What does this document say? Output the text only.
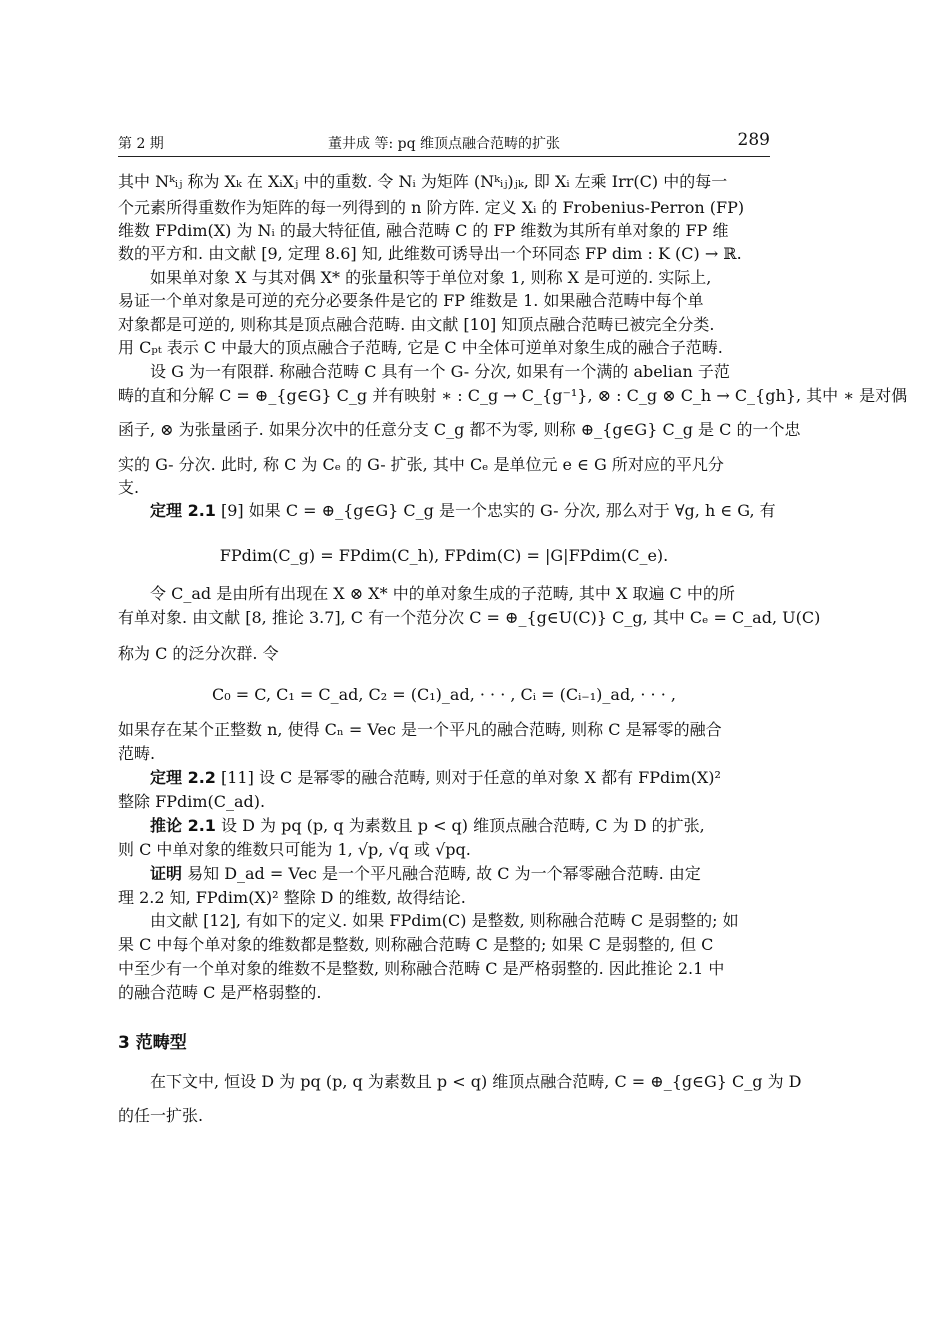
第 2 期	董井成 等: pq 维顶点融合范畴的扩张	289
其中 Nᵏᵢⱼ 称为 Xₖ 在 XᵢXⱼ 中的重数. 令 Nᵢ 为矩阵 (Nᵏᵢⱼ)ⱼₖ, 即 Xᵢ 左乘 Irr(C) 中的每一
个元素所得重数作为矩阵的每一列得到的 n 阶方阵. 定义 Xᵢ 的 Frobenius-Perron (FP)
维数 FPdim(X) 为 Nᵢ 的最大特征值, 融合范畴 C 的 FP 维数为其所有单对象的 FP 维
数的平方和. 由文献 [9, 定理 8.6] 知, 此维数可诱导出一个环同态 FP dim : K (C) → ℝ.
如果单对象 X 与其对偶 X* 的张量积等于单位对象 1, 则称 X 是可逆的. 实际上,
易证一个单对象是可逆的充分必要条件是它的 FP 维数是 1. 如果融合范畴中每个单
对象都是可逆的, 则称其是顶点融合范畴. 由文献 [10] 知顶点融合范畴已被完全分类.
用 Cₚₜ 表示 C 中最大的顶点融合子范畴, 它是 C 中全体可逆单对象生成的融合子范畴.
设 G 为一有限群. 称融合范畴 C 具有一个 G- 分次, 如果有一个满的 abelian 子范
畴的直和分解 C = ⊕_{g∈G} C_g 并有映射 ∗ : C_g → C_{g⁻¹}, ⊗ : C_g ⊗ C_h → C_{gh}, 其中 ∗ 是对偶
函子, ⊗ 为张量函子. 如果分次中的任意分支 C_g 都不为零, 则称 ⊕_{g∈G} C_g 是 C 的一个忠
实的 G- 分次. 此时, 称 C 为 Cₑ 的 G- 扩张, 其中 Cₑ 是单位元 e ∈ G 所对应的平凡分
支.
定理 2.1 [9] 如果 C = ⊕_{g∈G} C_g 是一个忠实的 G- 分次, 那么对于 ∀g, h ∈ G, 有
FPdim(C_g) = FPdim(C_h), FPdim(C) = |G|FPdim(C_e).
令 C_ad 是由所有出现在 X ⊗ X* 中的单对象生成的子范畴, 其中 X 取遍 C 中的所
有单对象. 由文献 [8, 推论 3.7], C 有一个范分次 C = ⊕_{g∈U(C)} C_g, 其中 Cₑ = C_ad, U(C)
称为 C 的泛分次群. 令
C₀ = C, C₁ = C_ad, C₂ = (C₁)_ad, · · · , Cᵢ = (Cᵢ₋₁)_ad, · · · ,
如果存在某个正整数 n, 使得 Cₙ = Vec 是一个平凡的融合范畴, 则称 C 是幂零的融合
范畴.
定理 2.2 [11] 设 C 是幂零的融合范畴, 则对于任意的单对象 X 都有 FPdim(X)²
整除 FPdim(C_ad).
推论 2.1 设 D 为 pq (p, q 为素数且 p < q) 维顶点融合范畴, C 为 D 的扩张,
则 C 中单对象的维数只可能为 1, √p, √q 或 √pq.
证明 易知 D_ad = Vec 是一个平凡融合范畴, 故 C 为一个幂零融合范畴. 由定
理 2.2 知, FPdim(X)² 整除 D 的维数, 故得结论.
由文献 [12], 有如下的定义. 如果 FPdim(C) 是整数, 则称融合范畴 C 是弱整的; 如
果 C 中每个单对象的维数都是整数, 则称融合范畴 C 是整的; 如果 C 是弱整的, 但 C
中至少有一个单对象的维数不是整数, 则称融合范畴 C 是严格弱整的. 因此推论 2.1 中
的融合范畴 C 是严格弱整的.
3 范畴型
在下文中, 恒设 D 为 pq (p, q 为素数且 p < q) 维顶点融合范畴, C = ⊕_{g∈G} C_g 为 D
的任一扩张.
